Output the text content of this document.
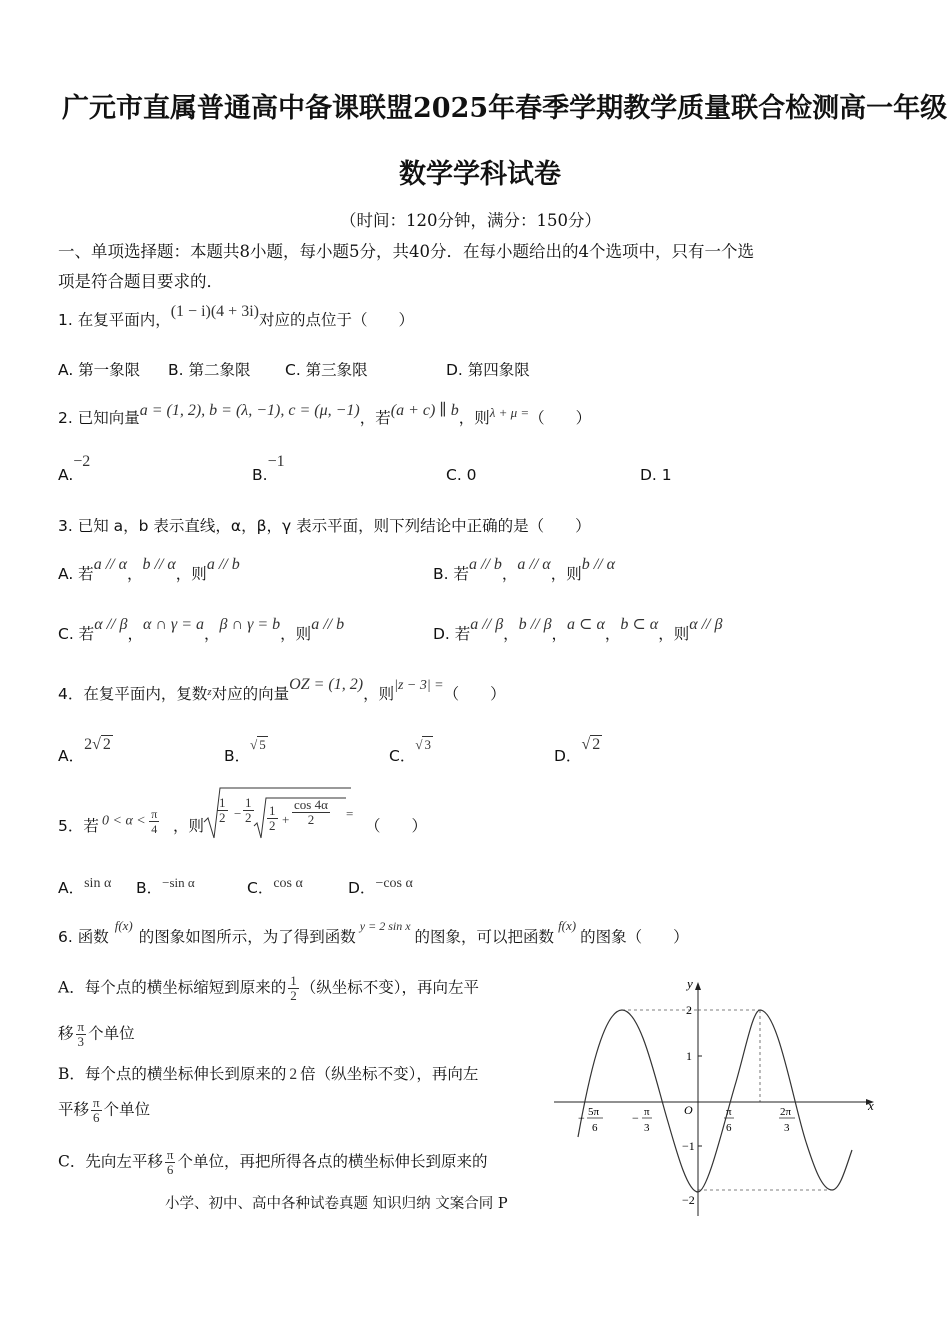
广元市直属普通高中备课联盟2025年春季学期教学质量联合检测高一年级
数学学科试卷
（时间：120分钟，满分：150分）
一、单项选择题：本题共8小题，每小题5分，共40分．在每小题给出的4个选项中，只有一个选
项是符合题目要求的．
1. 在复平面内，(1 − i)(4 + 3i)对应的点位于（　　）
A. 第一象限 B. 第二象限 C. 第三象限	D. 第四象限
2. 已知向量a = (1, 2), b = (λ, −1), c = (μ, −1)，若(a + c) ∥ b，则$^{\lambda + \mu =}$（　　）
A.−2
B.−1
C. 0	D. 1
3. 已知 a，b 表示直线，α，β，γ 表示平面，则下列结论中正确的是（　　）
A. 若a // α，b // α，则a // b
B. 若a // b，a // α，则b // α
C. 若α // β，α ∩ γ = a，β ∩ γ = b，则a // b
D. 若a // β，b // β，a ⊂ α，b ⊂ α，则α // β
4．在复平面内，复数$^z$对应的向量OZ = (1, 2)，则|z − 3| =（　　）
A．2√ 2
B．$^{√ 5}$
C．$^{√ 3}$
D．√ 2
5．若 $0 < \alpha < \frac{\pi}{4}$ ，则
$\frac{1}{2} - \frac{1}{2} \frac{1}{2} + \frac{\cos 4\alpha}{2}$ =
（　　）
A．sin α B．$^{-sin \alpha}$	C．cos α	D．−cos α
6. 函数$^{f(x)}$的图象如图所示，为了得到函数$^{y = 2 sin x}$的图象，可以把函数$^{f(x)}$的图象（　　）
A．每个点的横坐标缩短到原来的 $\frac{1}{2}$ （纵坐标不变），再向左平
移 $\frac{\pi}{3}$ 个单位
B．每个点的横坐标伸长到原来的 2 倍（纵坐标不变），再向左
平移 $\frac{\pi}{6}$ 个单位
C．先向左平移 $\frac{\pi}{6}$ 个单位，再把所得各点的横坐标伸长到原来的
y
x
O
2
1
−1
−2
− 5π
6
− π
3
π
6
2π
3
小学、初中、高中各种试卷真题 知识归纳 文案合同 P
